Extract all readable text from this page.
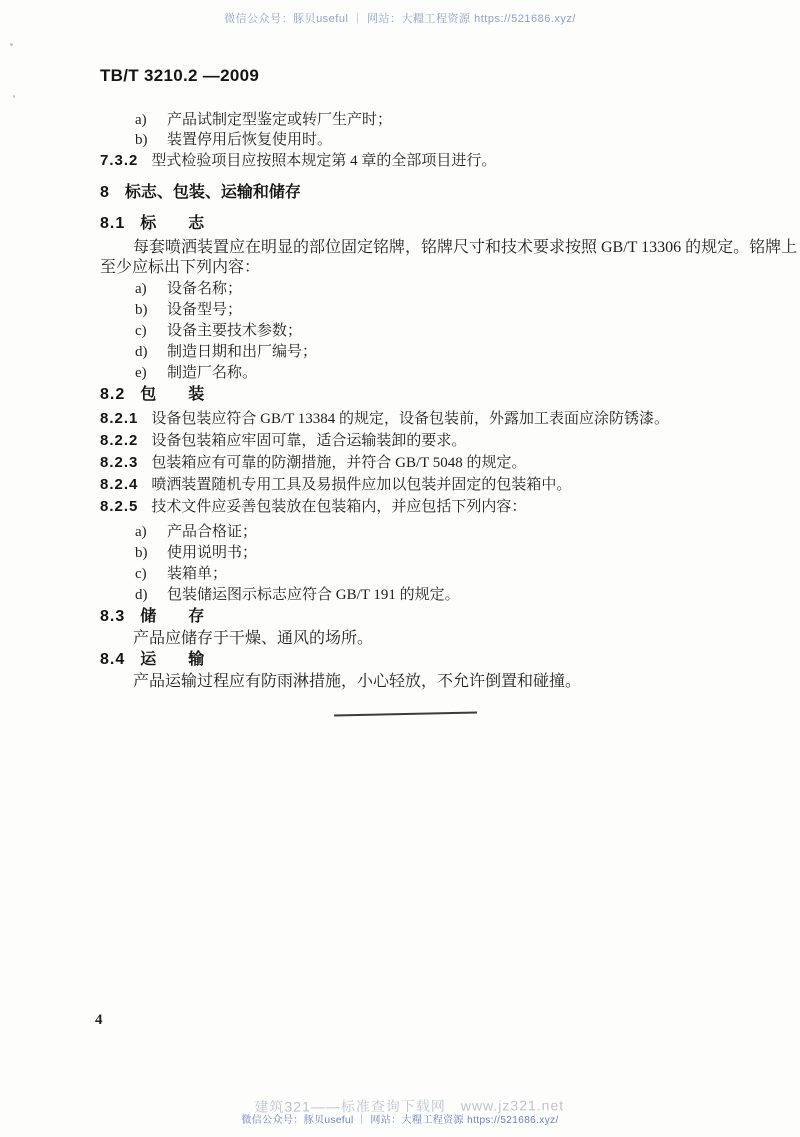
微信公众号：豚贝useful ｜ 网站：大糧工程资源 https://521686.xyz/
TB/T 3210.2 —2009
a) 产品试制定型鉴定或转厂生产时；
b) 装置停用后恢复使用时。
7.3.2 型式检验项目应按照本规定第 4 章的全部项目进行。
8 标志、包装、运输和储存
8.1 标　　志
每套喷洒装置应在明显的部位固定铭牌，铭牌尺寸和技术要求按照 GB/T 13306 的规定。铭牌上
至少应标出下列内容：
a) 设备名称；
b) 设备型号；
c) 设备主要技术参数；
d) 制造日期和出厂编号；
e) 制造厂名称。
8.2 包　　装
8.2.1 设备包装应符合 GB/T 13384 的规定，设备包装前，外露加工表面应涂防锈漆。
8.2.2 设备包装箱应牢固可靠，适合运输装卸的要求。
8.2.3 包装箱应有可靠的防潮措施，并符合 GB/T 5048 的规定。
8.2.4 喷洒装置随机专用工具及易损件应加以包装并固定的包装箱中。
8.2.5 技术文件应妥善包装放在包装箱内，并应包括下列内容：
a) 产品合格证；
b) 使用说明书；
c) 装箱单；
d) 包装储运图示标志应符合 GB/T 191 的规定。
8.3 储　　存
产品应储存于干燥、通风的场所。
8.4 运　　输
产品运输过程应有防雨淋措施，小心轻放，不允许倒置和碰撞。
4
建筑321——标准查询下载网　www.jz321.net
微信公众号：豚贝useful ｜ 网站：大糧工程资源 https://521686.xyz/
